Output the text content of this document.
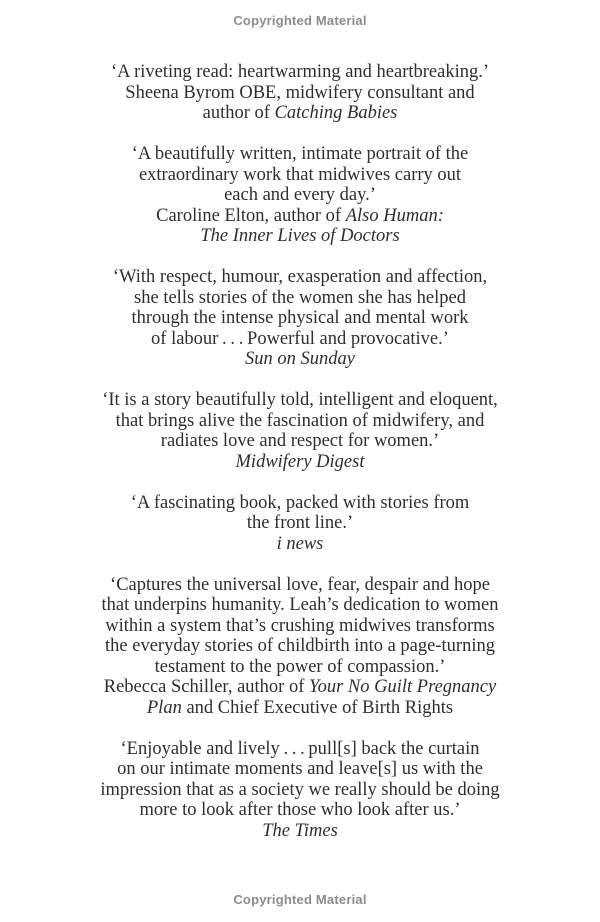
Copyrighted Material
‘A riveting read: heartwarming and heartbreaking.’
Sheena Byrom OBE, midwifery consultant and
author of Catching Babies
‘A beautifully written, intimate portrait of the
extraordinary work that midwives carry out
each and every day.’
Caroline Elton, author of Also Human:
The Inner Lives of Doctors
‘With respect, humour, exasperation and affection,
she tells stories of the women she has helped
through the intense physical and mental work
of labour . . . Powerful and provocative.’
Sun on Sunday
‘It is a story beautifully told, intelligent and eloquent,
that brings alive the fascination of midwifery, and
radiates love and respect for women.’
Midwifery Digest
‘A fascinating book, packed with stories from
the front line.’
i news
‘Captures the universal love, fear, despair and hope
that underpins humanity. Leah’s dedication to women
within a system that’s crushing midwives transforms
the everyday stories of childbirth into a page-turning
testament to the power of compassion.’
Rebecca Schiller, author of Your No Guilt Pregnancy
Plan and Chief Executive of Birth Rights
‘Enjoyable and lively . . . pull[s] back the curtain
on our intimate moments and leave[s] us with the
impression that as a society we really should be doing
more to look after those who look after us.’
The Times
Copyrighted Material
